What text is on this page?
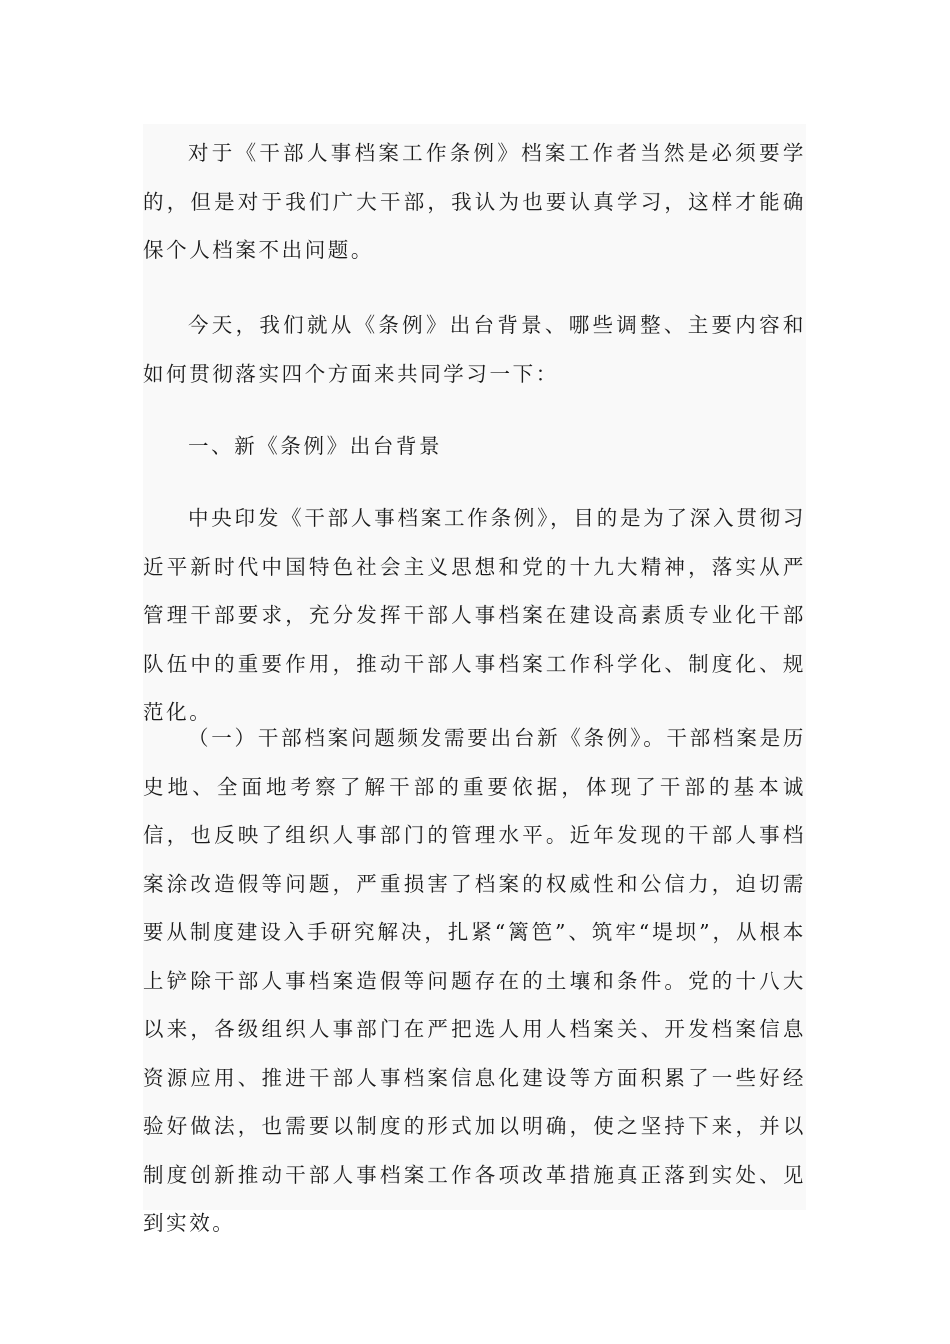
对于《干部人事档案工作条例》档案工作者当然是必须要学的，但是对于我们广大干部，我认为也要认真学习，这样才能确保个人档案不出问题。

今天，我们就从《条例》出台背景、哪些调整、主要内容和如何贯彻落实四个方面来共同学习一下：

一、新《条例》出台背景

中央印发《干部人事档案工作条例》，目的是为了深入贯彻习近平新时代中国特色社会主义思想和党的十九大精神，落实从严管理干部要求，充分发挥干部人事档案在建设高素质专业化干部队伍中的重要作用，推动干部人事档案工作科学化、制度化、规范化。

（一）干部档案问题频发需要出台新《条例》。干部档案是历史地、全面地考察了解干部的重要依据，体现了干部的基本诚信，也反映了组织人事部门的管理水平。近年发现的干部人事档案涂改造假等问题，严重损害了档案的权威性和公信力，迫切需要从制度建设入手研究解决，扎紧“篱笆”、筑牢“堤坝”，从根本上铲除干部人事档案造假等问题存在的土壤和条件。党的十八大以来，各级组织人事部门在严把选人用人档案关、开发档案信息资源应用、推进干部人事档案信息化建设等方面积累了一些好经验好做法，也需要以制度的形式加以明确，使之坚持下来，并以制度创新推动干部人事档案工作各项改革措施真正落到实处、见到实效。
